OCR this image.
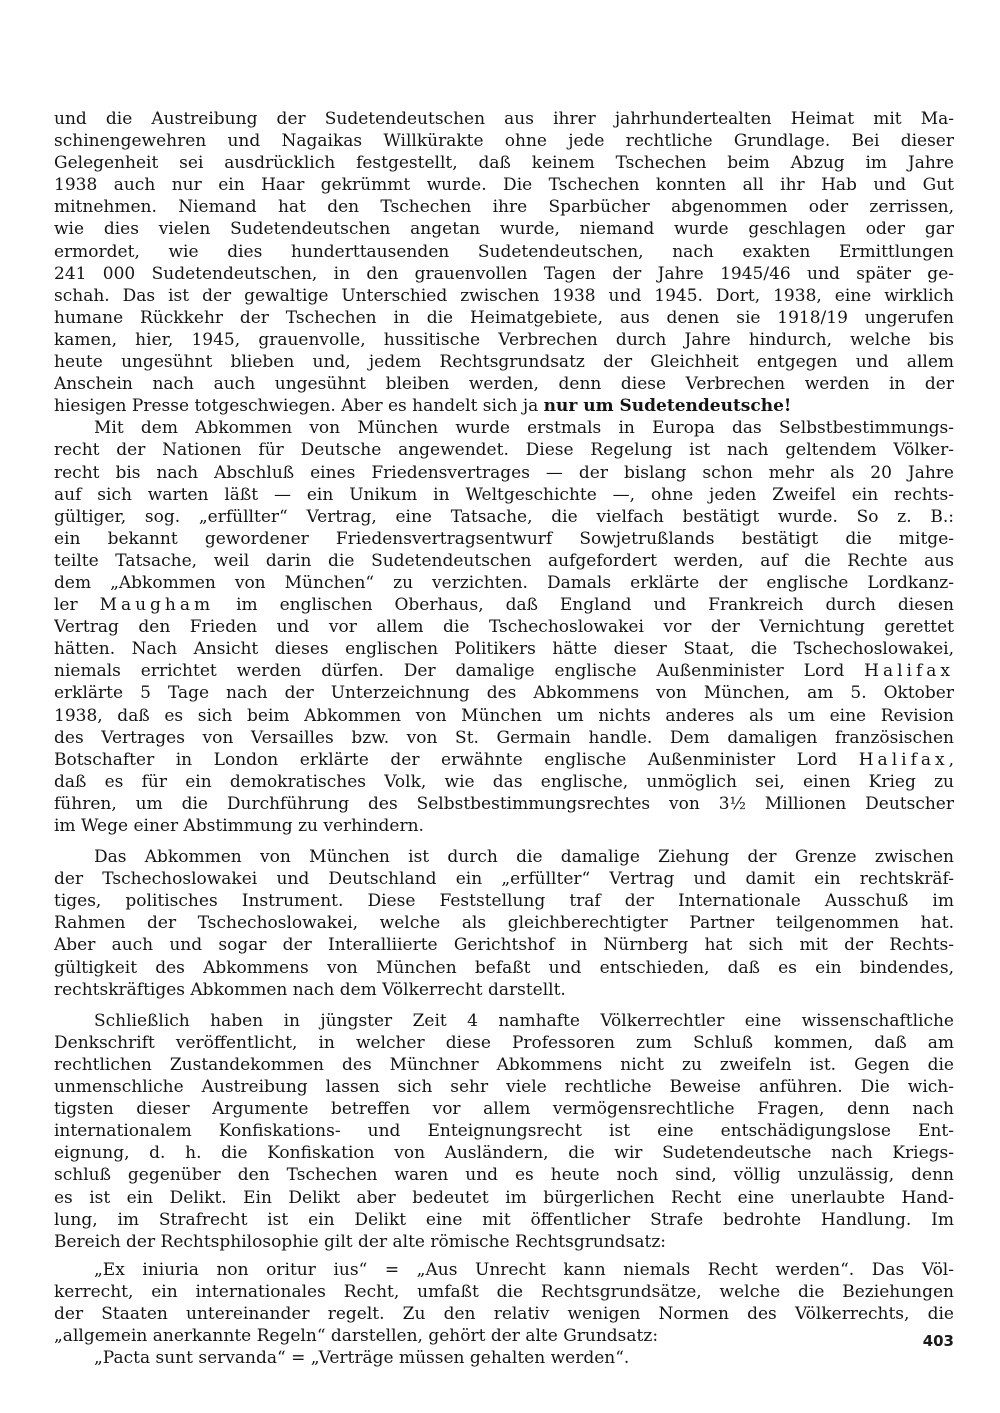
und die Austreibung der Sudetendeutschen aus ihrer jahrhundertealten Heimat mit Ma-
schinengewehren und Nagaikas Willkürakte ohne jede rechtliche Grundlage. Bei dieser
Gelegenheit sei ausdrücklich festgestellt, daß keinem Tschechen beim Abzug im Jahre
1938 auch nur ein Haar gekrümmt wurde. Die Tschechen konnten all ihr Hab und Gut
mitnehmen. Niemand hat den Tschechen ihre Sparbücher abgenommen oder zerrissen,
wie dies vielen Sudetendeutschen angetan wurde, niemand wurde geschlagen oder gar
ermordet, wie dies hunderttausenden Sudetendeutschen, nach exakten Ermittlungen
241 000 Sudetendeutschen, in den grauenvollen Tagen der Jahre 1945/46 und später ge-
schah. Das ist der gewaltige Unterschied zwischen 1938 und 1945. Dort, 1938, eine wirklich
humane Rückkehr der Tschechen in die Heimatgebiete, aus denen sie 1918/19 ungerufen
kamen, hier, 1945, grauenvolle, hussitische Verbrechen durch Jahre hindurch, welche bis
heute ungesühnt blieben und, jedem Rechtsgrundsatz der Gleichheit entgegen und allem
Anschein nach auch ungesühnt bleiben werden, denn diese Verbrechen werden in der
hiesigen Presse totgeschwiegen. Aber es handelt sich ja nur um Sudetendeutsche!
Mit dem Abkommen von München wurde erstmals in Europa das Selbstbestimmungs-
recht der Nationen für Deutsche angewendet. Diese Regelung ist nach geltendem Völker-
recht bis nach Abschluß eines Friedensvertrages — der bislang schon mehr als 20 Jahre
auf sich warten läßt — ein Unikum in Weltgeschichte —, ohne jeden Zweifel ein rechts-
gültiger, sog. „erfüllter“ Vertrag, eine Tatsache, die vielfach bestätigt wurde. So z. B.:
ein bekannt gewordener Friedensvertragsentwurf Sowjetrußlands bestätigt die mitge-
teilte Tatsache, weil darin die Sudetendeutschen aufgefordert werden, auf die Rechte aus
dem „Abkommen von München“ zu verzichten. Damals erklärte der englische Lordkanz-
ler Maugham im englischen Oberhaus, daß England und Frankreich durch diesen
Vertrag den Frieden und vor allem die Tschechoslowakei vor der Vernichtung gerettet
hätten. Nach Ansicht dieses englischen Politikers hätte dieser Staat, die Tschechoslowakei,
niemals errichtet werden dürfen. Der damalige englische Außenminister Lord Halifax
erklärte 5 Tage nach der Unterzeichnung des Abkommens von München, am 5. Oktober
1938, daß es sich beim Abkommen von München um nichts anderes als um eine Revision
des Vertrages von Versailles bzw. von St. Germain handle. Dem damaligen französischen
Botschafter in London erklärte der erwähnte englische Außenminister Lord Halifax,
daß es für ein demokratisches Volk, wie das englische, unmöglich sei, einen Krieg zu
führen, um die Durchführung des Selbstbestimmungsrechtes von 3½ Millionen Deutscher
im Wege einer Abstimmung zu verhindern.
Das Abkommen von München ist durch die damalige Ziehung der Grenze zwischen
der Tschechoslowakei und Deutschland ein „erfüllter“ Vertrag und damit ein rechtskräf-
tiges, politisches Instrument. Diese Feststellung traf der Internationale Ausschuß im
Rahmen der Tschechoslowakei, welche als gleichberechtigter Partner teilgenommen hat.
Aber auch und sogar der Interalliierte Gerichtshof in Nürnberg hat sich mit der Rechts-
gültigkeit des Abkommens von München befaßt und entschieden, daß es ein bindendes,
rechtskräftiges Abkommen nach dem Völkerrecht darstellt.
Schließlich haben in jüngster Zeit 4 namhafte Völkerrechtler eine wissenschaftliche
Denkschrift veröffentlicht, in welcher diese Professoren zum Schluß kommen, daß am
rechtlichen Zustandekommen des Münchner Abkommens nicht zu zweifeln ist. Gegen die
unmenschliche Austreibung lassen sich sehr viele rechtliche Beweise anführen. Die wich-
tigsten dieser Argumente betreffen vor allem vermögensrechtliche Fragen, denn nach
internationalem Konfiskations- und Enteignungsrecht ist eine entschädigungslose Ent-
eignung, d. h. die Konfiskation von Ausländern, die wir Sudetendeutsche nach Kriegs-
schluß gegenüber den Tschechen waren und es heute noch sind, völlig unzulässig, denn
es ist ein Delikt. Ein Delikt aber bedeutet im bürgerlichen Recht eine unerlaubte Hand-
lung, im Strafrecht ist ein Delikt eine mit öffentlicher Strafe bedrohte Handlung. Im
Bereich der Rechtsphilosophie gilt der alte römische Rechtsgrundsatz:
„Ex iniuria non oritur ius“ = „Aus Unrecht kann niemals Recht werden“. Das Völ-
kerrecht, ein internationales Recht, umfaßt die Rechtsgrundsätze, welche die Beziehungen
der Staaten untereinander regelt. Zu den relativ wenigen Normen des Völkerrechts, die
„allgemein anerkannte Regeln“ darstellen, gehört der alte Grundsatz:
„Pacta sunt servanda“ = „Verträge müssen gehalten werden“.
403
